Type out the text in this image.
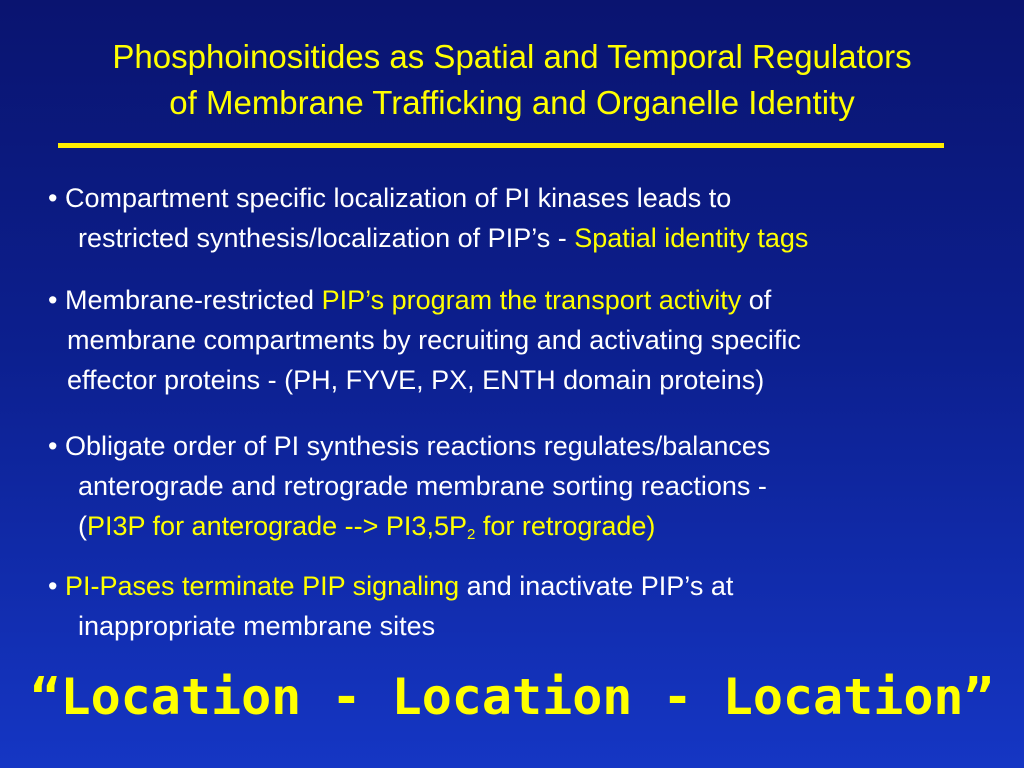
Phosphoinositides as Spatial and Temporal Regulators
of Membrane Trafficking and Organelle Identity
• Compartment specific localization of PI kinases leads to
restricted synthesis/localization of PIP’s - Spatial identity tags
• Membrane-restricted PIP’s program the transport activity of
membrane compartments by recruiting and activating specific
effector proteins - (PH, FYVE, PX, ENTH domain proteins)
• Obligate order of PI synthesis reactions regulates/balances
anterograde and retrograde membrane sorting reactions -
(PI3P for anterograde --> $PI3,5P_2$ for retrograde)
• PI-Pases terminate PIP signaling and inactivate PIP’s at
inappropriate membrane sites
“Location - Location - Location”
